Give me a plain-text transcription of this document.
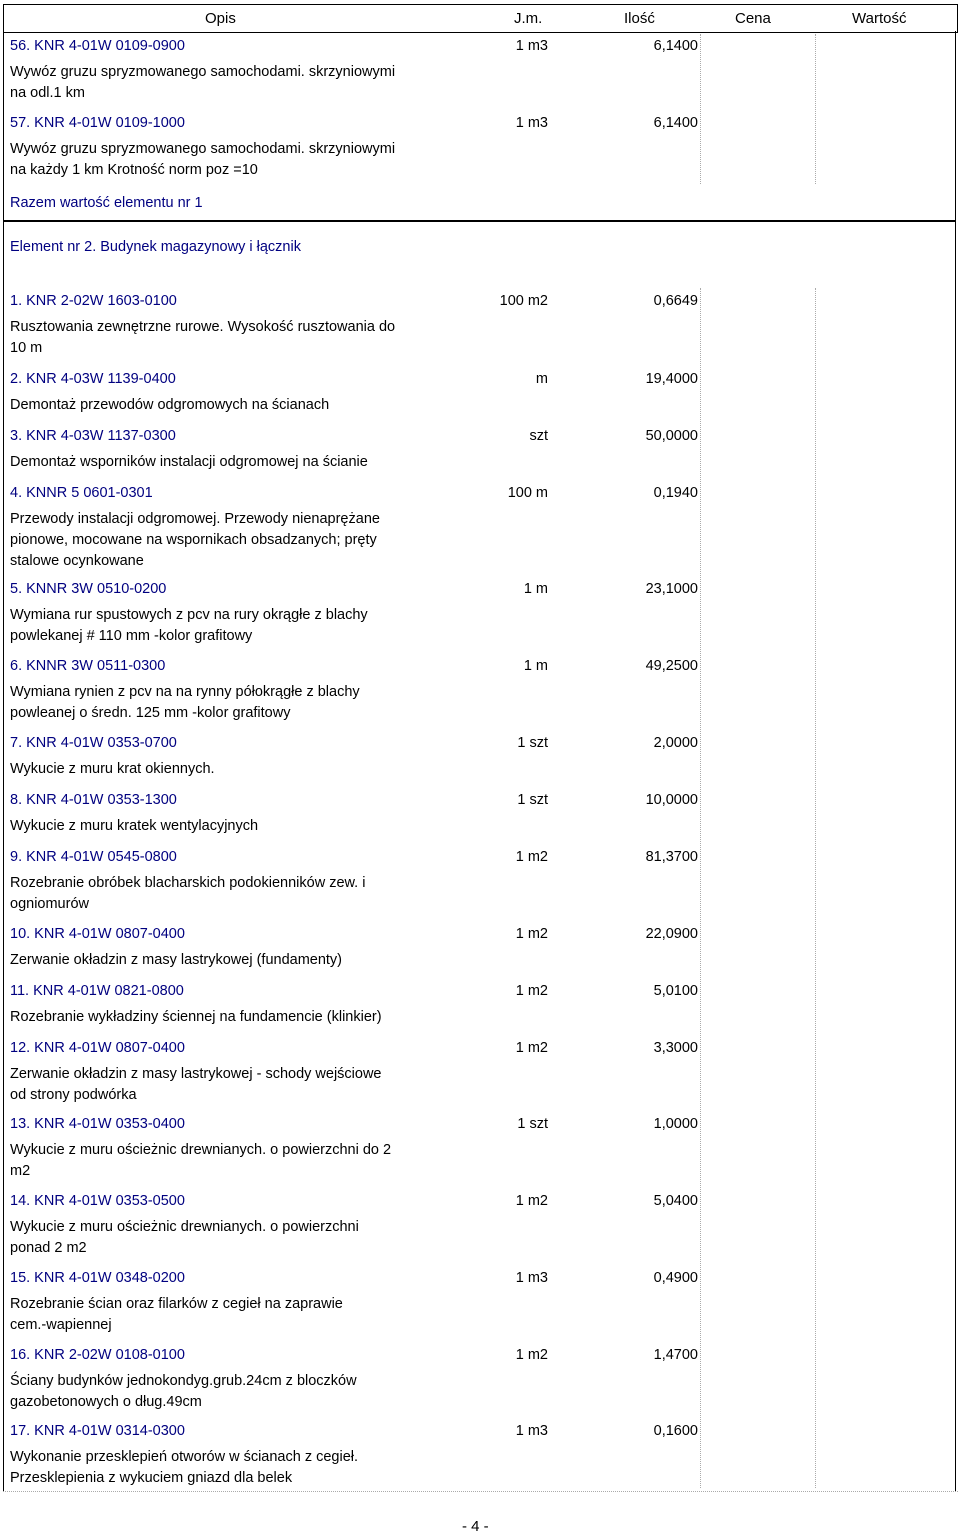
Opis	J.m.	Ilość	Cena	Wartość
56. KNR 4-01W 0109-0900	1 m3	6,1400
Wywóz gruzu spryzmowanego samochodami. skrzyniowymi
na odl.1 km
57. KNR 4-01W 0109-1000	1 m3	6,1400
Wywóz gruzu spryzmowanego samochodami. skrzyniowymi
na każdy 1 km Krotność norm poz =10
Razem wartość elementu nr 1
Element nr 2. Budynek magazynowy i łącznik
1. KNR 2-02W 1603-0100	100 m2	0,6649
Rusztowania zewnętrzne rurowe. Wysokość rusztowania do
10 m
2. KNR 4-03W 1139-0400	m	19,4000
Demontaż przewodów odgromowych na ścianach
3. KNR 4-03W 1137-0300	szt	50,0000
Demontaż wsporników instalacji odgromowej na ścianie
4. KNNR 5 0601-0301	100 m	0,1940
Przewody instalacji odgromowej. Przewody nienaprężane
pionowe, mocowane na wspornikach obsadzanych; pręty
stalowe ocynkowane
5. KNNR 3W 0510-0200	1 m	23,1000
Wymiana rur spustowych z pcv na rury okrągłe z blachy
powlekanej # 110 mm -kolor grafitowy
6. KNNR 3W 0511-0300	1 m	49,2500
Wymiana rynien z pcv na na rynny półokrągłe z blachy
powleanej o średn. 125 mm -kolor grafitowy
7. KNR 4-01W 0353-0700	1 szt	2,0000
Wykucie z muru krat okiennych.
8. KNR 4-01W 0353-1300	1 szt	10,0000
Wykucie z muru kratek wentylacyjnych
9. KNR 4-01W 0545-0800	1 m2	81,3700
Rozebranie obróbek blacharskich podokienników zew. i
ogniomurów
10. KNR 4-01W 0807-0400	1 m2	22,0900
Zerwanie okładzin z masy lastrykowej (fundamenty)
11. KNR 4-01W 0821-0800	1 m2	5,0100
Rozebranie wykładziny ściennej na fundamencie (klinkier)
12. KNR 4-01W 0807-0400	1 m2	3,3000
Zerwanie okładzin z masy lastrykowej - schody wejściowe
od strony podwórka
13. KNR 4-01W 0353-0400	1 szt	1,0000
Wykucie z muru ościeżnic drewnianych. o powierzchni do 2
m2
14. KNR 4-01W 0353-0500	1 m2	5,0400
Wykucie z muru ościeżnic drewnianych. o powierzchni
ponad 2 m2
15. KNR 4-01W 0348-0200	1 m3	0,4900
Rozebranie ścian oraz filarków z cegieł na zaprawie
cem.-wapiennej
16. KNR 2-02W 0108-0100	1 m2	1,4700
Ściany budynków jednokondyg.grub.24cm z bloczków
gazobetonowych o dług.49cm
17. KNR 4-01W 0314-0300	1 m3	0,1600
Wykonanie przesklepień otworów w ścianach z cegieł.
Przesklepienia z wykuciem gniazd dla belek
- 4 -
